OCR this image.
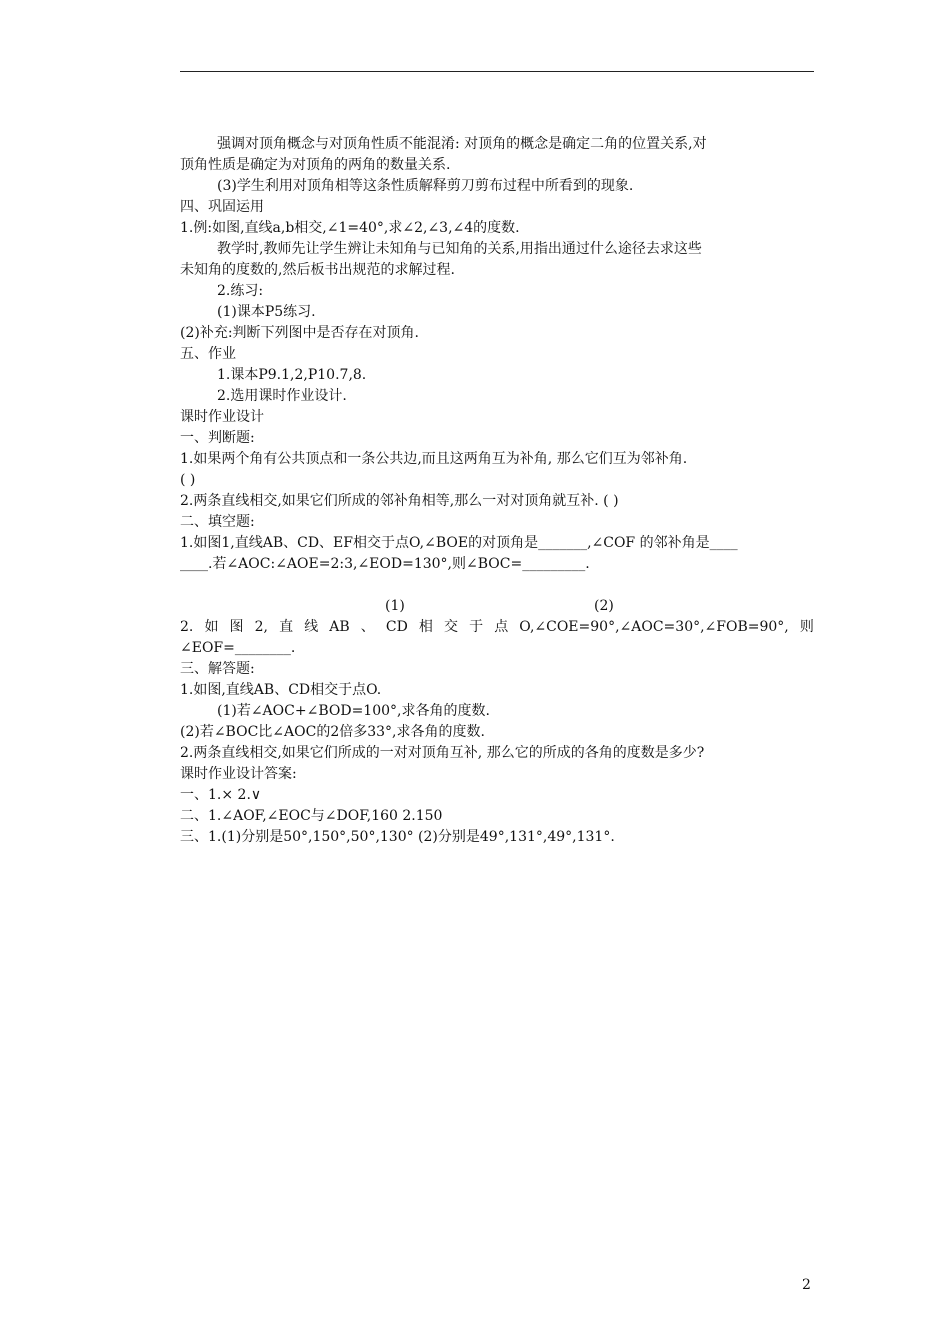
强调对顶角概念与对顶角性质不能混淆: 对顶角的概念是确定二角的位置关系,对
顶角性质是确定为对顶角的两角的数量关系.
(3)学生利用对顶角相等这条性质解释剪刀剪布过程中所看到的现象.
四、巩固运用
1.例:如图,直线a,b相交,∠1=40°,求∠2,∠3,∠4的度数.
教学时,教师先让学生辨让未知角与已知角的关系,用指出通过什么途径去求这些
未知角的度数的,然后板书出规范的求解过程.
2.练习:
(1)课本P5练习.
(2)补充:判断下列图中是否存在对顶角.
五、作业
1.课本P9.1,2,P10.7,8.
2.选用课时作业设计.
课时作业设计
一、判断题:
1.如果两个角有公共顶点和一条公共边,而且这两角互为补角, 那么它们互为邻补角.
( )
2.两条直线相交,如果它们所成的邻补角相等,那么一对对顶角就互补. ( )
二、填空题:
1.如图1,直线AB、CD、EF相交于点O,∠BOE的对顶角是_______,∠COF 的邻补角是____
____.若∠AOC:∠AOE=2:3,∠EOD=130°,则∠BOC=_________.
(1)	(2)
2. 如 图 2, 直 线 AB 、 CD 相 交 于 点 O,∠COE=90°,∠AOC=30°,∠FOB=90°, 则
∠EOF=________.
三、解答题:
1.如图,直线AB、CD相交于点O.
(1)若∠AOC+∠BOD=100°,求各角的度数.
(2)若∠BOC比∠AOC的2倍多33°,求各角的度数.
2.两条直线相交,如果它们所成的一对对顶角互补, 那么它的所成的各角的度数是多少?
课时作业设计答案:
一、1.× 2.∨
二、1.∠AOF,∠EOC与∠DOF,160 2.150
三、1.(1)分别是50°,150°,50°,130° (2)分别是49°,131°,49°,131°.
2
